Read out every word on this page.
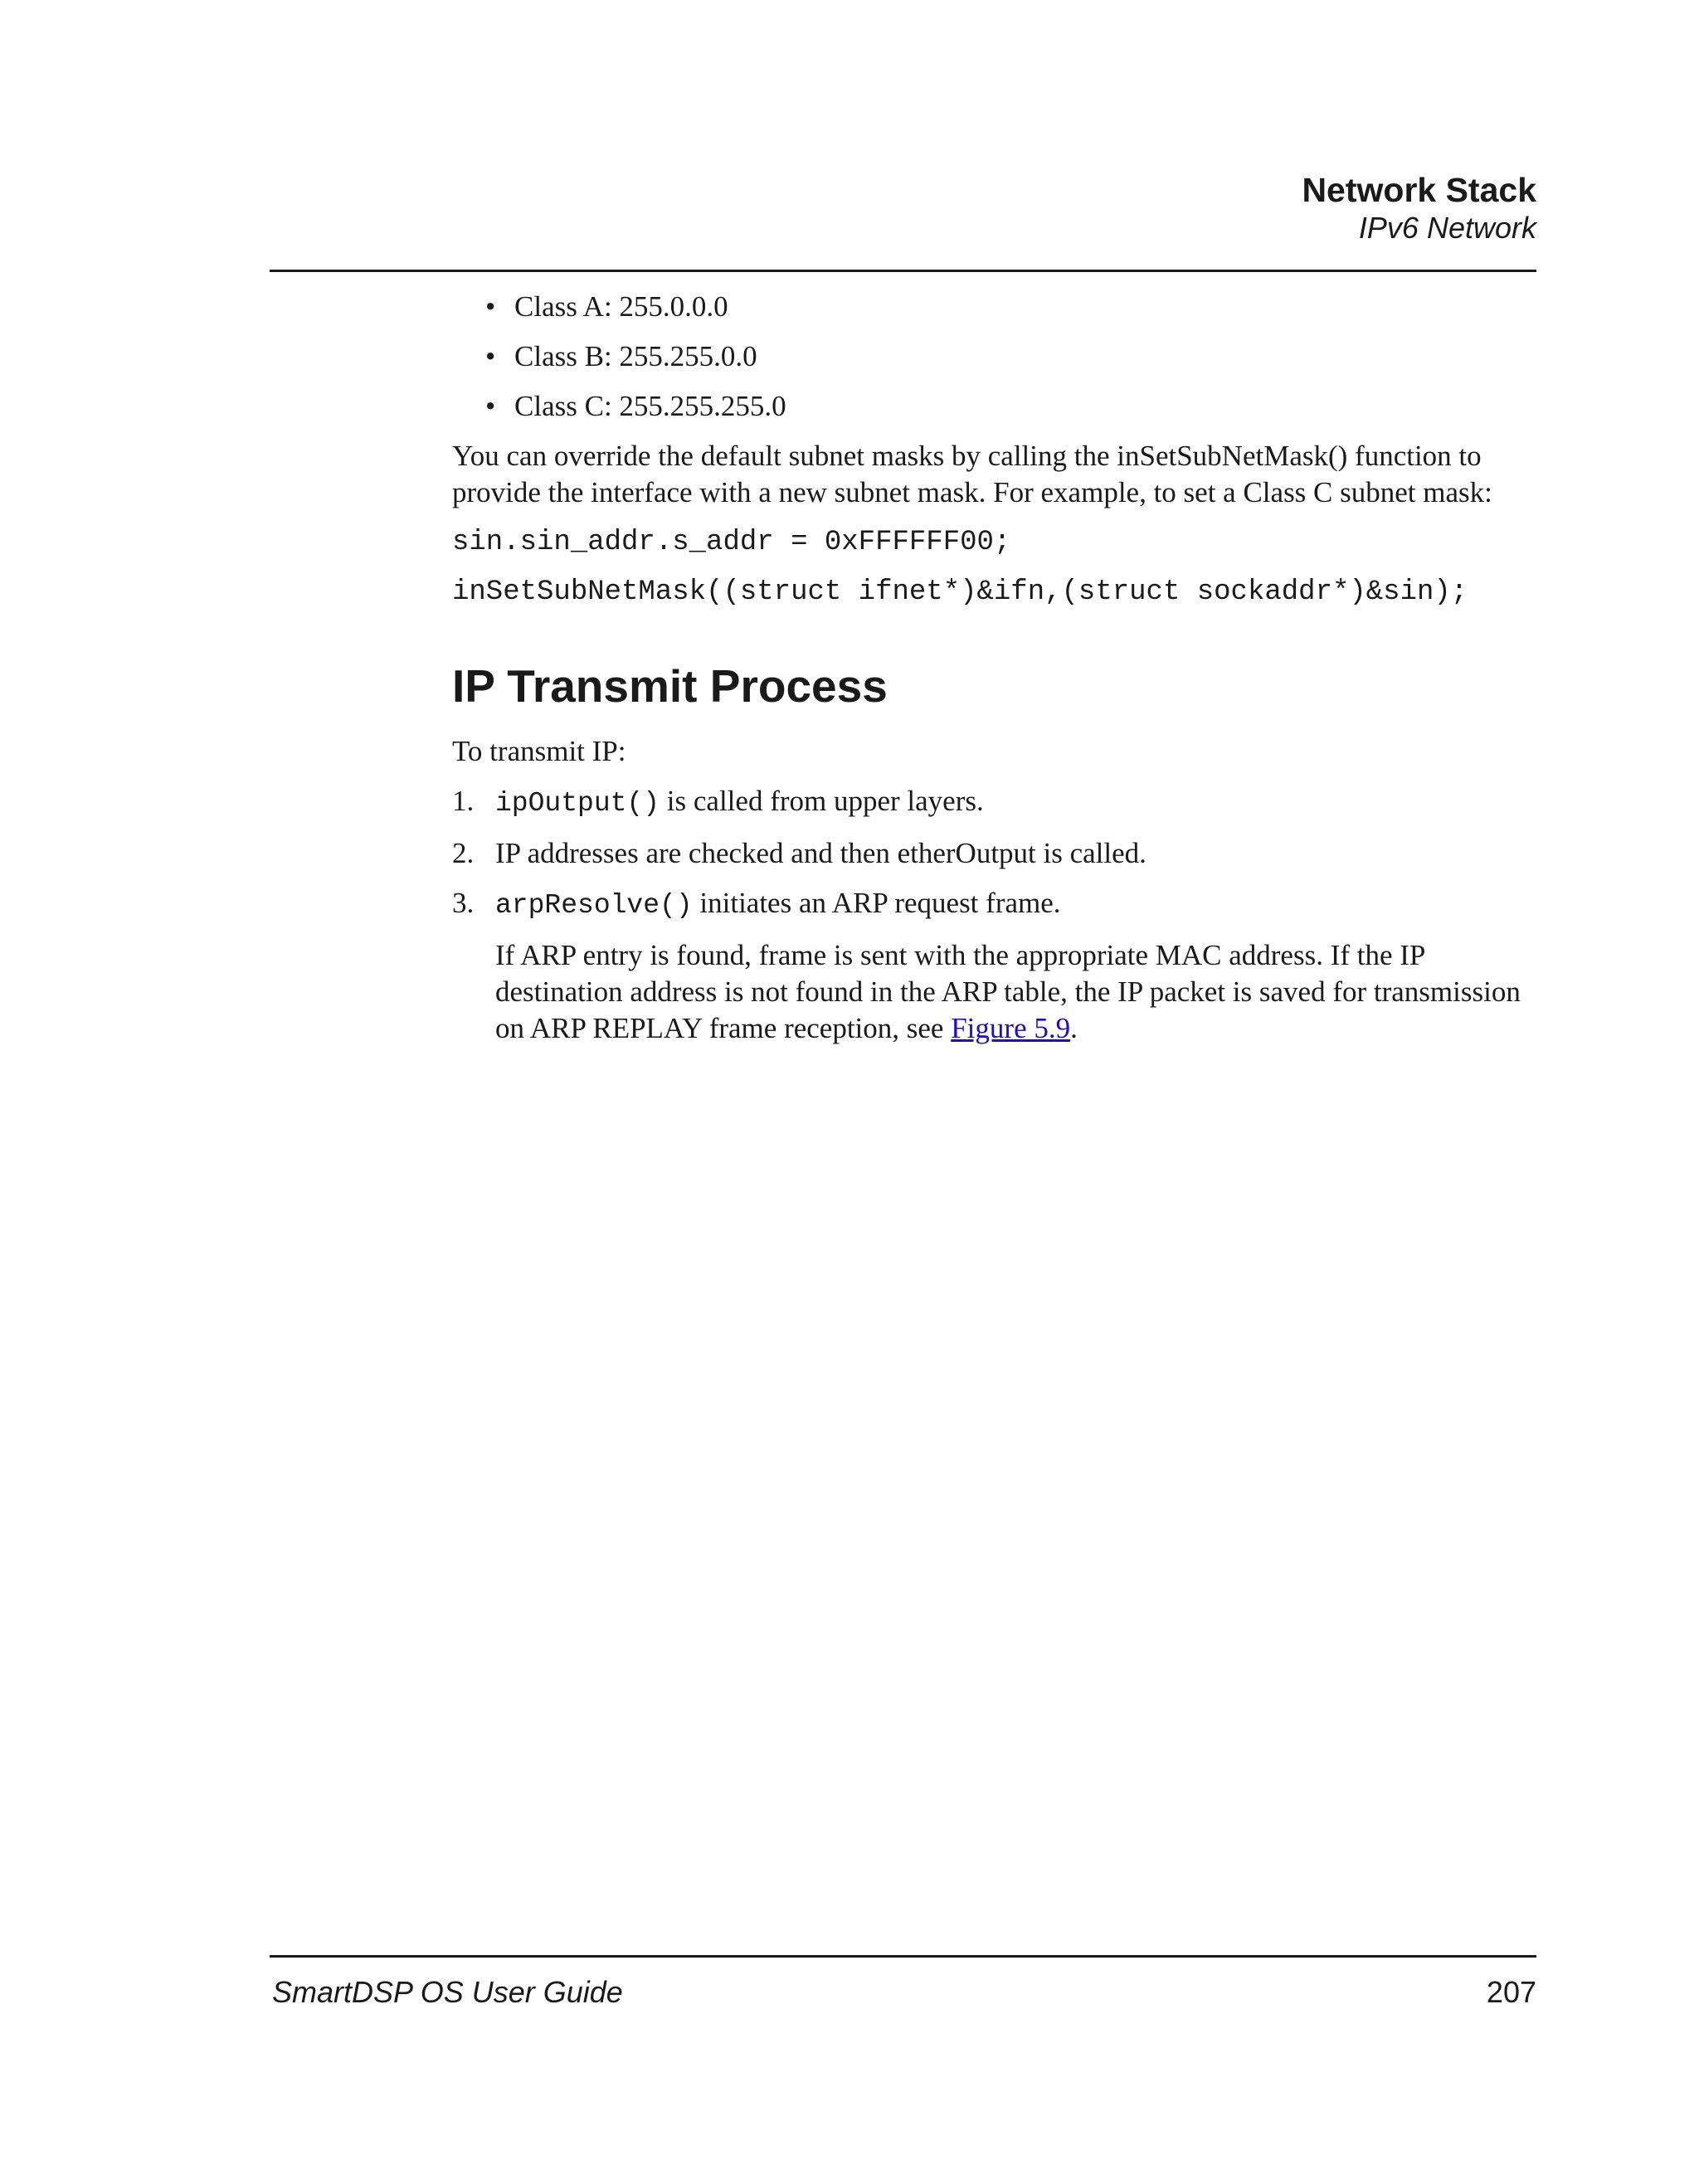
Network Stack
IPv6 Network
• Class A: 255.0.0.0
• Class B: 255.255.0.0
• Class C: 255.255.255.0

You can override the default subnet masks by calling the inSetSubNetMask() function to provide the interface with a new subnet mask. For example, to set a Class C subnet mask:

sin.sin_addr.s_addr = 0xFFFFFF00;
inSetSubNetMask((struct ifnet*)&ifn,(struct sockaddr*)&sin);
IP Transmit Process

To transmit IP:

1. ipOutput() is called from upper layers.
2. IP addresses are checked and then etherOutput is called.
3. arpResolve() initiates an ARP request frame.

If ARP entry is found, frame is sent with the appropriate MAC address. If the IP destination address is not found in the ARP table, the IP packet is saved for transmission on ARP REPLAY frame reception, see Figure 5.9.

SmartDSP OS User Guide	207
